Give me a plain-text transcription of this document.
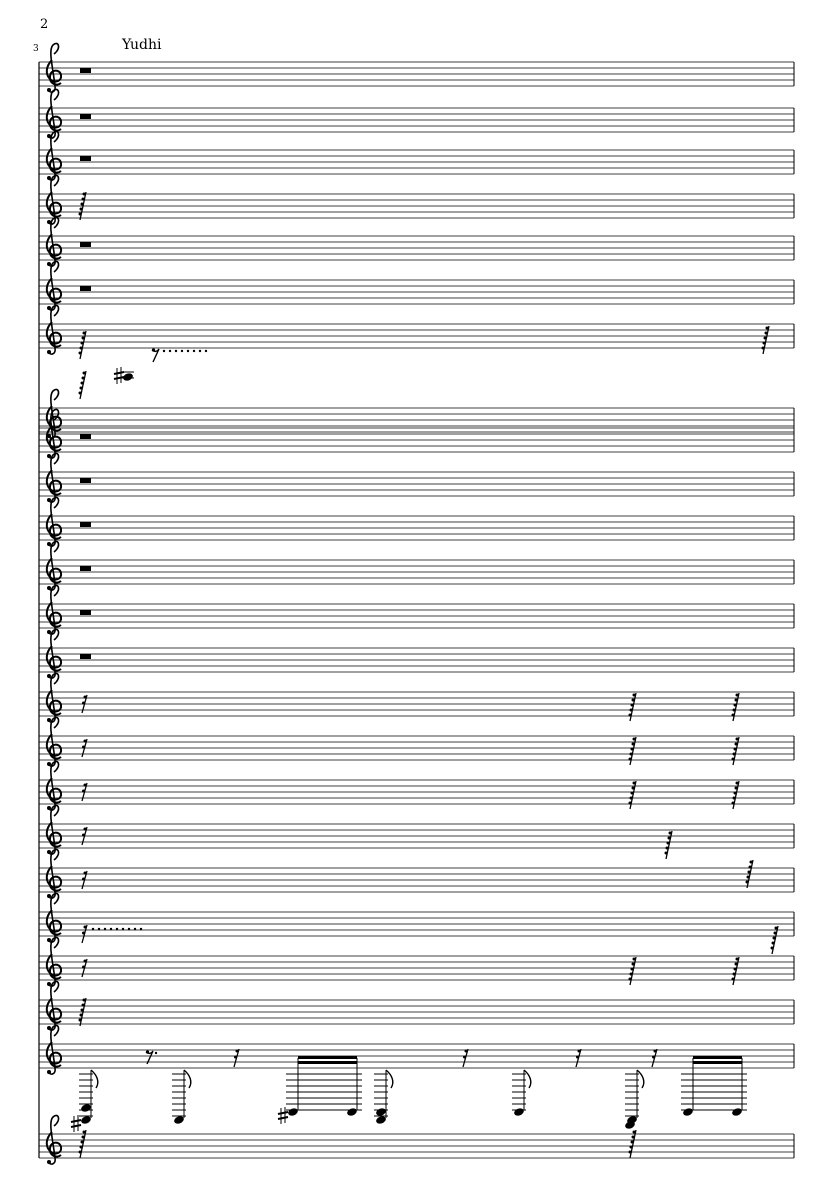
2
3	Yudhi
